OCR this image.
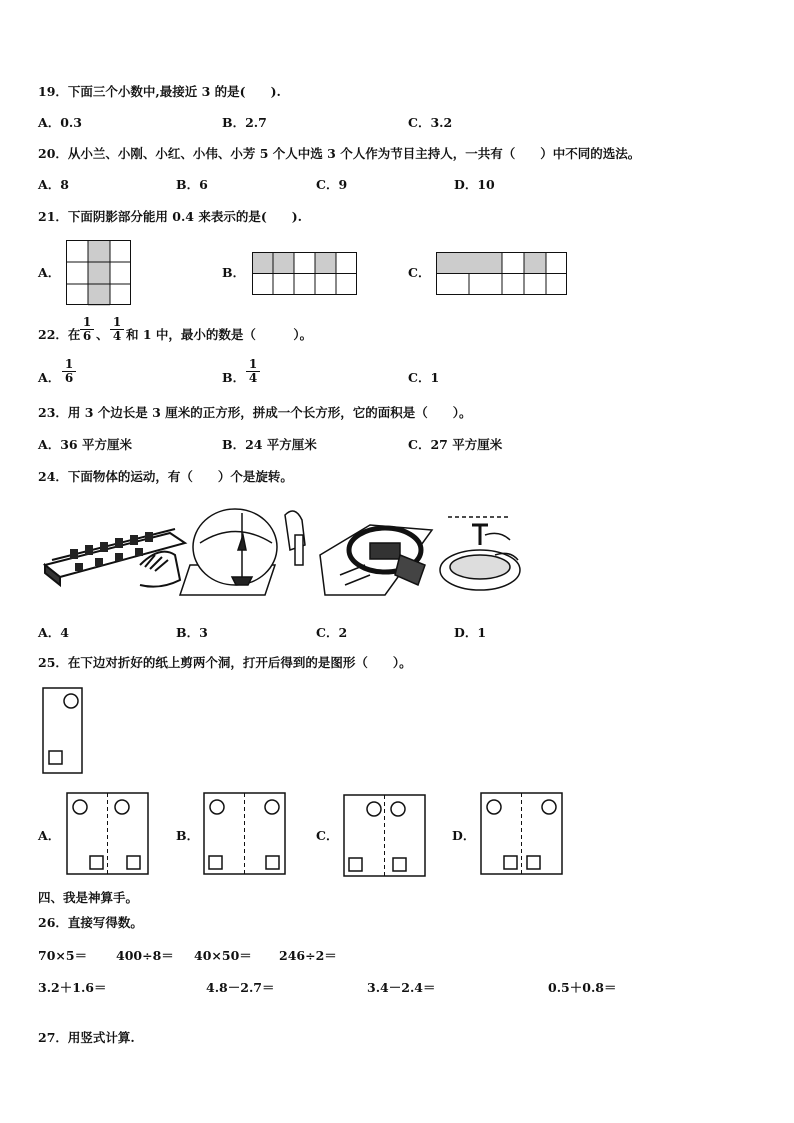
19．下面三个小数中,最接近 3 的是(　　).
A．0.3	B．2.7	C．3.2
20．从小兰、小刚、小红、小伟、小芳 5 个人中选 3 个人作为节目主持人，一共有（　　）中不同的选法。
A．8	B．6	C．9	D．10
21．下面阴影部分能用 0.4 来表示的是(　　).
A．	B．	C．
22．在 $\frac{1}{6}$ 、 $\frac{1}{4}$ 和 1 中，最小的数是（　　　）。
A． $\frac{1}{6}$	B． $\frac{1}{4}$	C．1
23．用 3 个边长是 3 厘米的正方形，拼成一个长方形，它的面积是（　　）。
A．36 平方厘米	B．24 平方厘米	C．27 平方厘米
24．下面物体的运动，有（　　）个是旋转。
A．4	B．3	C．2	D．1
25．在下边对折好的纸上剪两个洞，打开后得到的是图形（　　）。
A．	B．	C．	D．
四、我是神算手。
26．直接写得数。
70×5＝ 400÷8＝ 40×50＝ 246÷2＝
3.2＋1.6＝	4.8－2.7＝	3.4－2.4＝	0.5＋0.8＝
27．用竖式计算.
